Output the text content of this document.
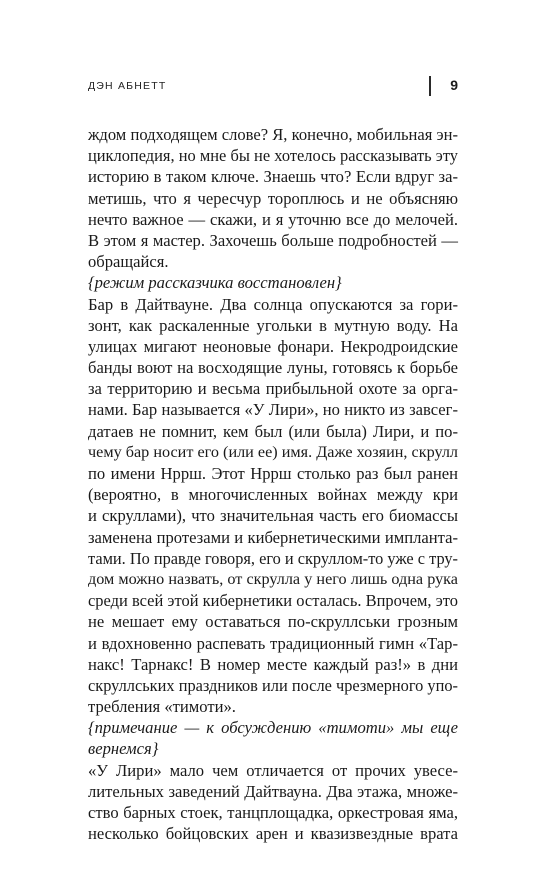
ДЭН АБНЕТТ	9
ждом подходящем слове? Я, конечно, мобильная эн-
циклопедия, но мне бы не хотелось рассказывать эту
историю в таком ключе. Знаешь что? Если вдруг за-
метишь, что я чересчур тороплюсь и не объясняю
нечто важное — скажи, и я уточню все до мелочей.
В этом я мастер. Захочешь больше подробностей —
обращайся.
{режим рассказчика восстановлен}
Бар в Дайтвауне. Два солнца опускаются за гори-
зонт, как раскаленные угольки в мутную воду. На
улицах мигают неоновые фонари. Некродроидские
банды воют на восходящие луны, готовясь к борьбе
за территорию и весьма прибыльной охоте за орга-
нами. Бар называется «У Лири», но никто из завсег-
датаев не помнит, кем был (или была) Лири, и по-
чему бар носит его (или ее) имя. Даже хозяин, скрулл
по имени Нррш. Этот Нррш столько раз был ранен
(вероятно, в многочисленных войнах между кри
и скруллами), что значительная часть его биомассы
заменена протезами и кибернетическими импланта-
тами. По правде говоря, его и скруллом-то уже с тру-
дом можно назвать, от скрулла у него лишь одна рука
среди всей этой кибернетики осталась. Впрочем, это
не мешает ему оставаться по-скруллськи грозным
и вдохновенно распевать традиционный гимн «Тар-
накс! Тарнакс! В номер месте каждый раз!» в дни
скруллських праздников или после чрезмерного упо-
требления «тимоти».
{примечание — к обсуждению «тимоти» мы еще
вернемся}
«У Лири» мало чем отличается от прочих увесе-
лительных заведений Дайтвауна. Два этажа, множе-
ство барных стоек, танцплощадка, оркестровая яма,
несколько бойцовских арен и квазизвездные врата
